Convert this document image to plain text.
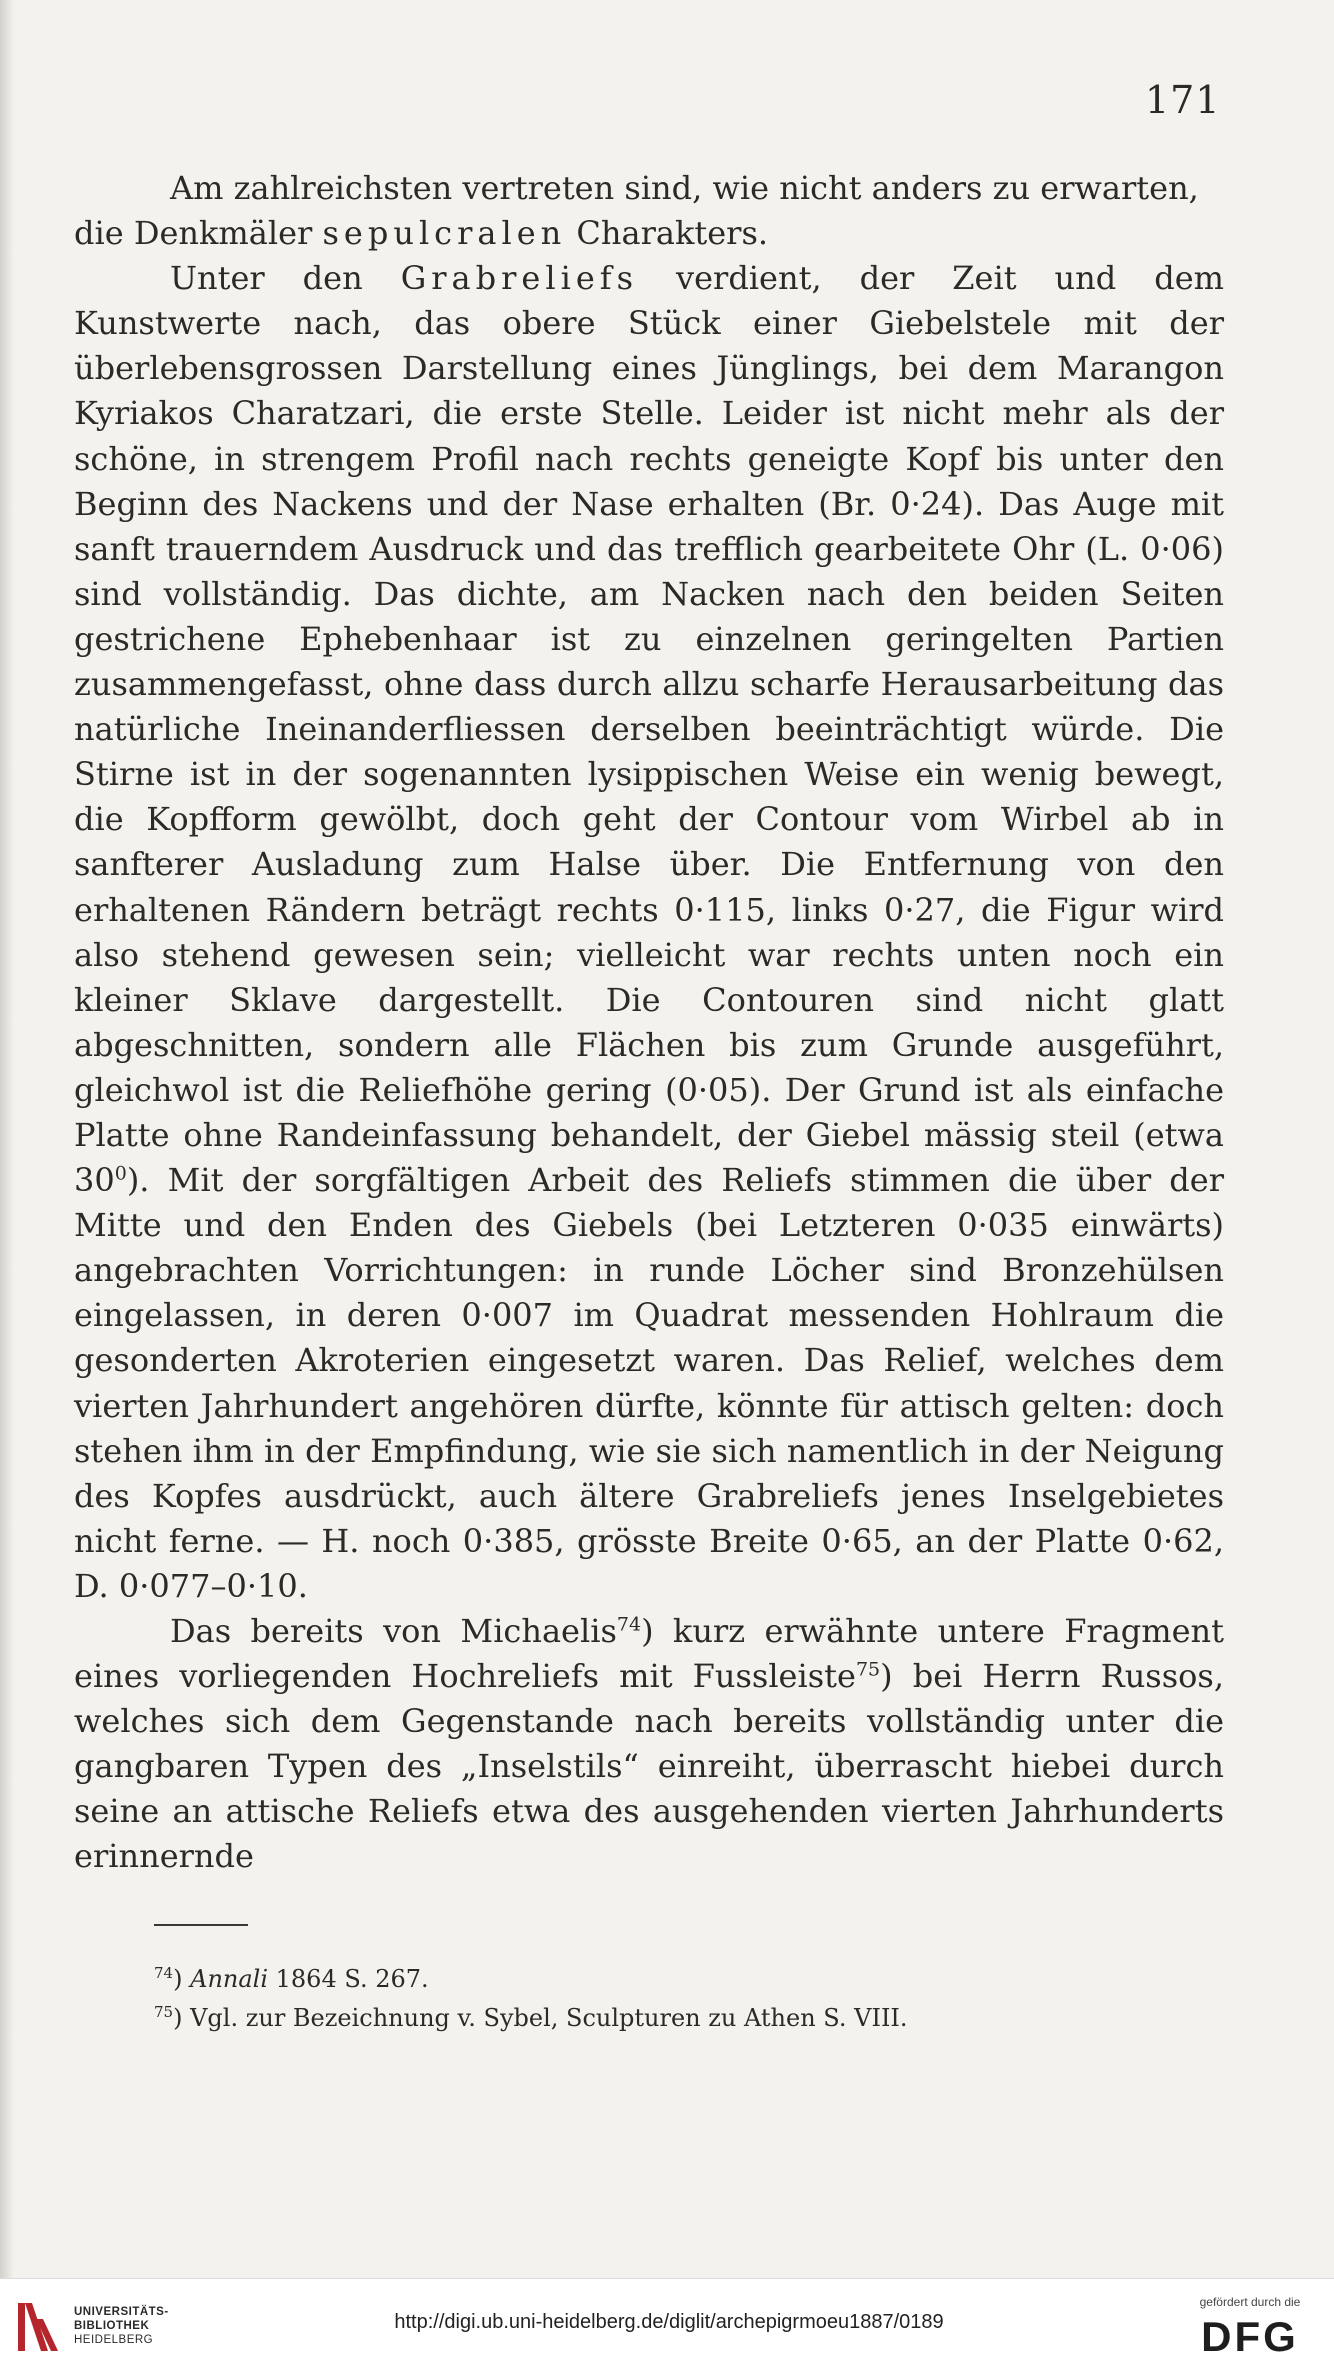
171

Am zahlreichsten vertreten sind, wie nicht anders zu erwarten,
die Denkmäler sepulcralen Charakters.

Unter den Grabreliefs verdient, der Zeit und dem Kunstwerte nach, das obere Stück einer Giebelstele mit der überlebensgrossen Darstellung eines Jünglings, bei dem Marangon Kyriakos Charatzari, die erste Stelle. Leider ist nicht mehr als der schöne, in strengem Profil nach rechts geneigte Kopf bis unter den Beginn des Nackens und der Nase erhalten (Br. 0·24). Das Auge mit sanft trauerndem Ausdruck und das trefflich gearbeitete Ohr (L. 0·06) sind vollständig. Das dichte, am Nacken nach den beiden Seiten gestrichene Ephebenhaar ist zu einzelnen geringelten Partien zusammengefasst, ohne dass durch allzu scharfe Herausarbeitung das natürliche Ineinanderfliessen derselben beeinträchtigt würde. Die Stirne ist in der sogenannten lysippischen Weise ein wenig bewegt, die Kopfform gewölbt, doch geht der Contour vom Wirbel ab in sanfterer Ausladung zum Halse über. Die Entfernung von den erhaltenen Rändern beträgt rechts 0·115, links 0·27, die Figur wird also stehend gewesen sein; vielleicht war rechts unten noch ein kleiner Sklave dargestellt. Die Contouren sind nicht glatt abgeschnitten, sondern alle Flächen bis zum Grunde ausgeführt, gleichwol ist die Reliefhöhe gering (0·05). Der Grund ist als einfache Platte ohne Randeinfassung behandelt, der Giebel mässig steil (etwa $30^0$). Mit der sorgfältigen Arbeit des Reliefs stimmen die über der Mitte und den Enden des Giebels (bei Letzteren 0·035 einwärts) angebrachten Vorrichtungen: in runde Löcher sind Bronzehülsen eingelassen, in deren 0·007 im Quadrat messenden Hohlraum die gesonderten Akroterien eingesetzt waren. Das Relief, welches dem vierten Jahrhundert angehören dürfte, könnte für attisch gelten: doch stehen ihm in der Empfindung, wie sie sich namentlich in der Neigung des Kopfes ausdrückt, auch ältere Grabreliefs jenes Inselgebietes nicht ferne. — H. noch 0·385, grösste Breite 0·65, an der Platte 0·62, D. 0·077–0·10.

Das bereits von Michaelis$^{74}$) kurz erwähnte untere Fragment eines vorliegenden Hochreliefs mit Fussleiste$^{75}$) bei Herrn Russos, welches sich dem Gegenstande nach bereits vollständig unter die gangbaren Typen des „Inselstils“ einreiht, überrascht hiebei durch seine an attische Reliefs etwa des ausgehenden vierten Jahrhunderts erinnernde

$^{74}$) Annali 1864 S. 267.
$^{75}$) Vgl. zur Bezeichnung v. Sybel, Sculpturen zu Athen S. VIII.
UNIVERSITÄTS-
BIBLIOTHEK
HEIDELBERG
http://digi.ub.uni-heidelberg.de/diglit/archepigrmoeu1887/0189
gefördert durch die
DFG
